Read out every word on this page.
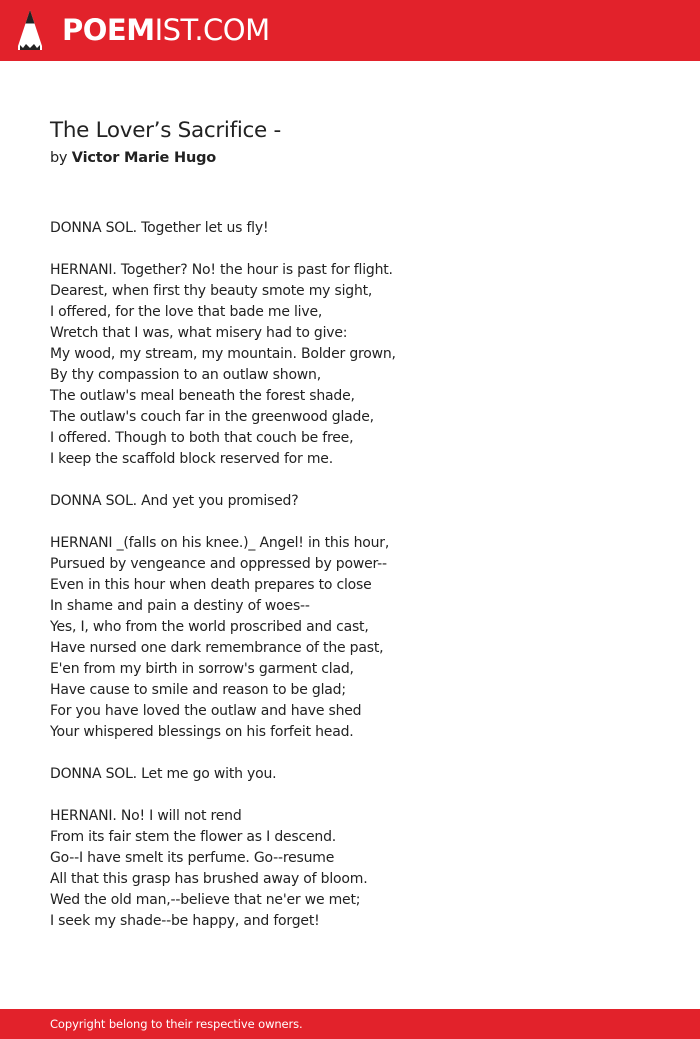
POEMIST.COM
The Lover’s Sacrifice -
by Victor Marie Hugo
DONNA SOL. Together let us fly!
HERNANI. Together? No! the hour is past for flight.
Dearest, when first thy beauty smote my sight,
I offered, for the love that bade me live,
Wretch that I was, what misery had to give:
My wood, my stream, my mountain. Bolder grown,
By thy compassion to an outlaw shown,
The outlaw's meal beneath the forest shade,
The outlaw's couch far in the greenwood glade,
I offered. Though to both that couch be free,
I keep the scaffold block reserved for me.
DONNA SOL. And yet you promised?
HERNANI _(falls on his knee.)_ Angel! in this hour,
Pursued by vengeance and oppressed by power--
Even in this hour when death prepares to close
In shame and pain a destiny of woes--
Yes, I, who from the world proscribed and cast,
Have nursed one dark remembrance of the past,
E'en from my birth in sorrow's garment clad,
Have cause to smile and reason to be glad;
For you have loved the outlaw and have shed
Your whispered blessings on his forfeit head.
DONNA SOL. Let me go with you.
HERNANI. No! I will not rend
From its fair stem the flower as I descend.
Go--I have smelt its perfume. Go--resume
All that this grasp has brushed away of bloom.
Wed the old man,--believe that ne'er we met;
I seek my shade--be happy, and forget!
Copyright belong to their respective owners.
